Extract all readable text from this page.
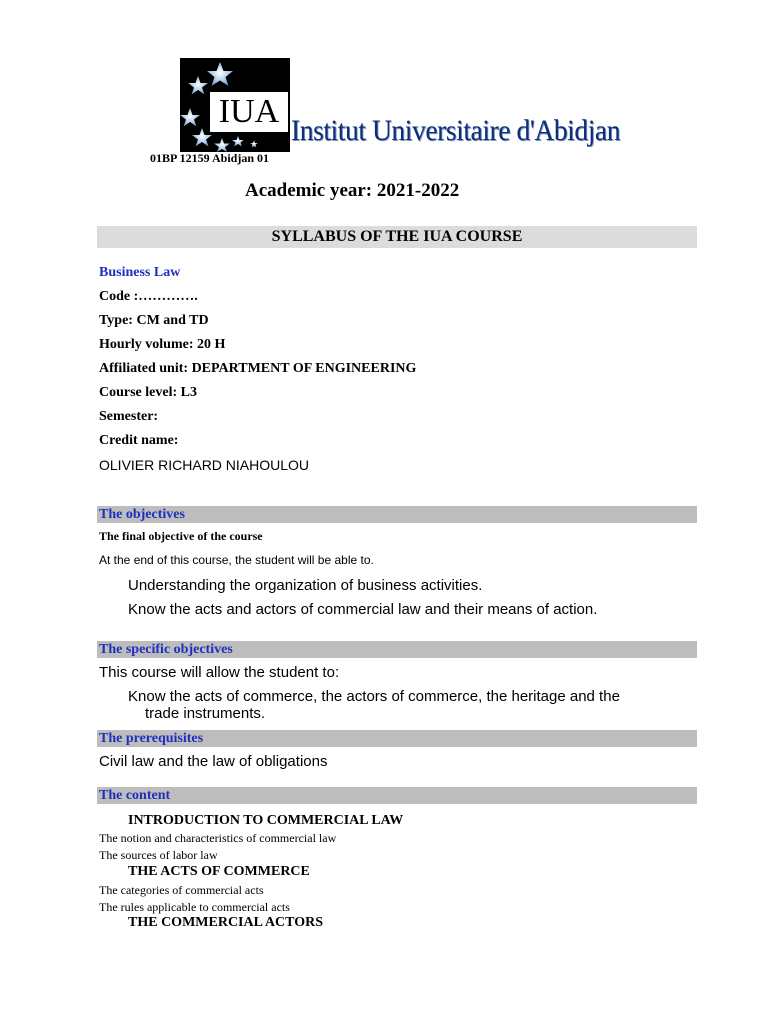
IUA
Institut Universitaire d'Abidjan
01BP 12159 Abidjan 01
Academic year: 2021-2022
SYLLABUS OF THE IUA COURSE
Business Law
Code :………….
Type: CM and TD
Hourly volume: 20 H
Affiliated unit: DEPARTMENT OF ENGINEERING
Course level: L3
Semester:
Credit name:
OLIVIER RICHARD NIAHOULOU
The objectives
The final objective of the course
At the end of this course, the student will be able to.
Understanding the organization of business activities.
Know the acts and actors of commercial law and their means of action.
The specific objectives
This course will allow the student to:
Know the acts of commerce, the actors of commerce, the heritage and the
trade instruments.
The prerequisites
Civil law and the law of obligations
The content
INTRODUCTION TO COMMERCIAL LAW
The notion and characteristics of commercial law
The sources of labor law
THE ACTS OF COMMERCE
The categories of commercial acts
The rules applicable to commercial acts
THE COMMERCIAL ACTORS
